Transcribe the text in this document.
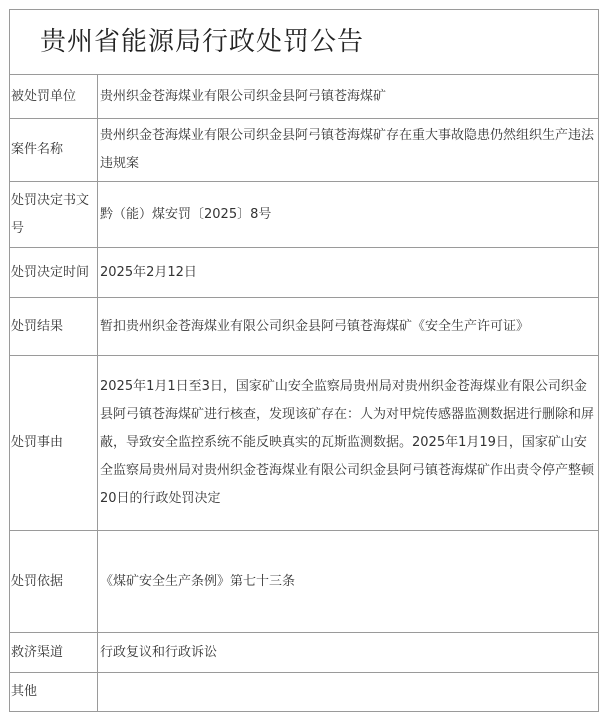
贵州省能源局行政处罚公告	
被处罚单位	贵州织金苍海煤业有限公司织金县阿弓镇苍海煤矿
案件名称	贵州织金苍海煤业有限公司织金县阿弓镇苍海煤矿存在重大事故隐患仍然组织生产违法违规案
处罚决定书文号	黔（能）煤安罚〔2025〕8号
处罚决定时间	2025年2月12日
处罚结果	暂扣贵州织金苍海煤业有限公司织金县阿弓镇苍海煤矿《安全生产许可证》
处罚事由	2025年1月1日至3日，国家矿山安全监察局贵州局对贵州织金苍海煤业有限公司织金县阿弓镇苍海煤矿进行核查，发现该矿存在：人为对甲烷传感器监测数据进行删除和屏蔽，导致安全监控系统不能反映真实的瓦斯监测数据。2025年1月19日，国家矿山安全监察局贵州局对贵州织金苍海煤业有限公司织金县阿弓镇苍海煤矿作出责令停产整顿20日的行政处罚决定
处罚依据	《煤矿安全生产条例》第七十三条
救济渠道	行政复议和行政诉讼
其他	
